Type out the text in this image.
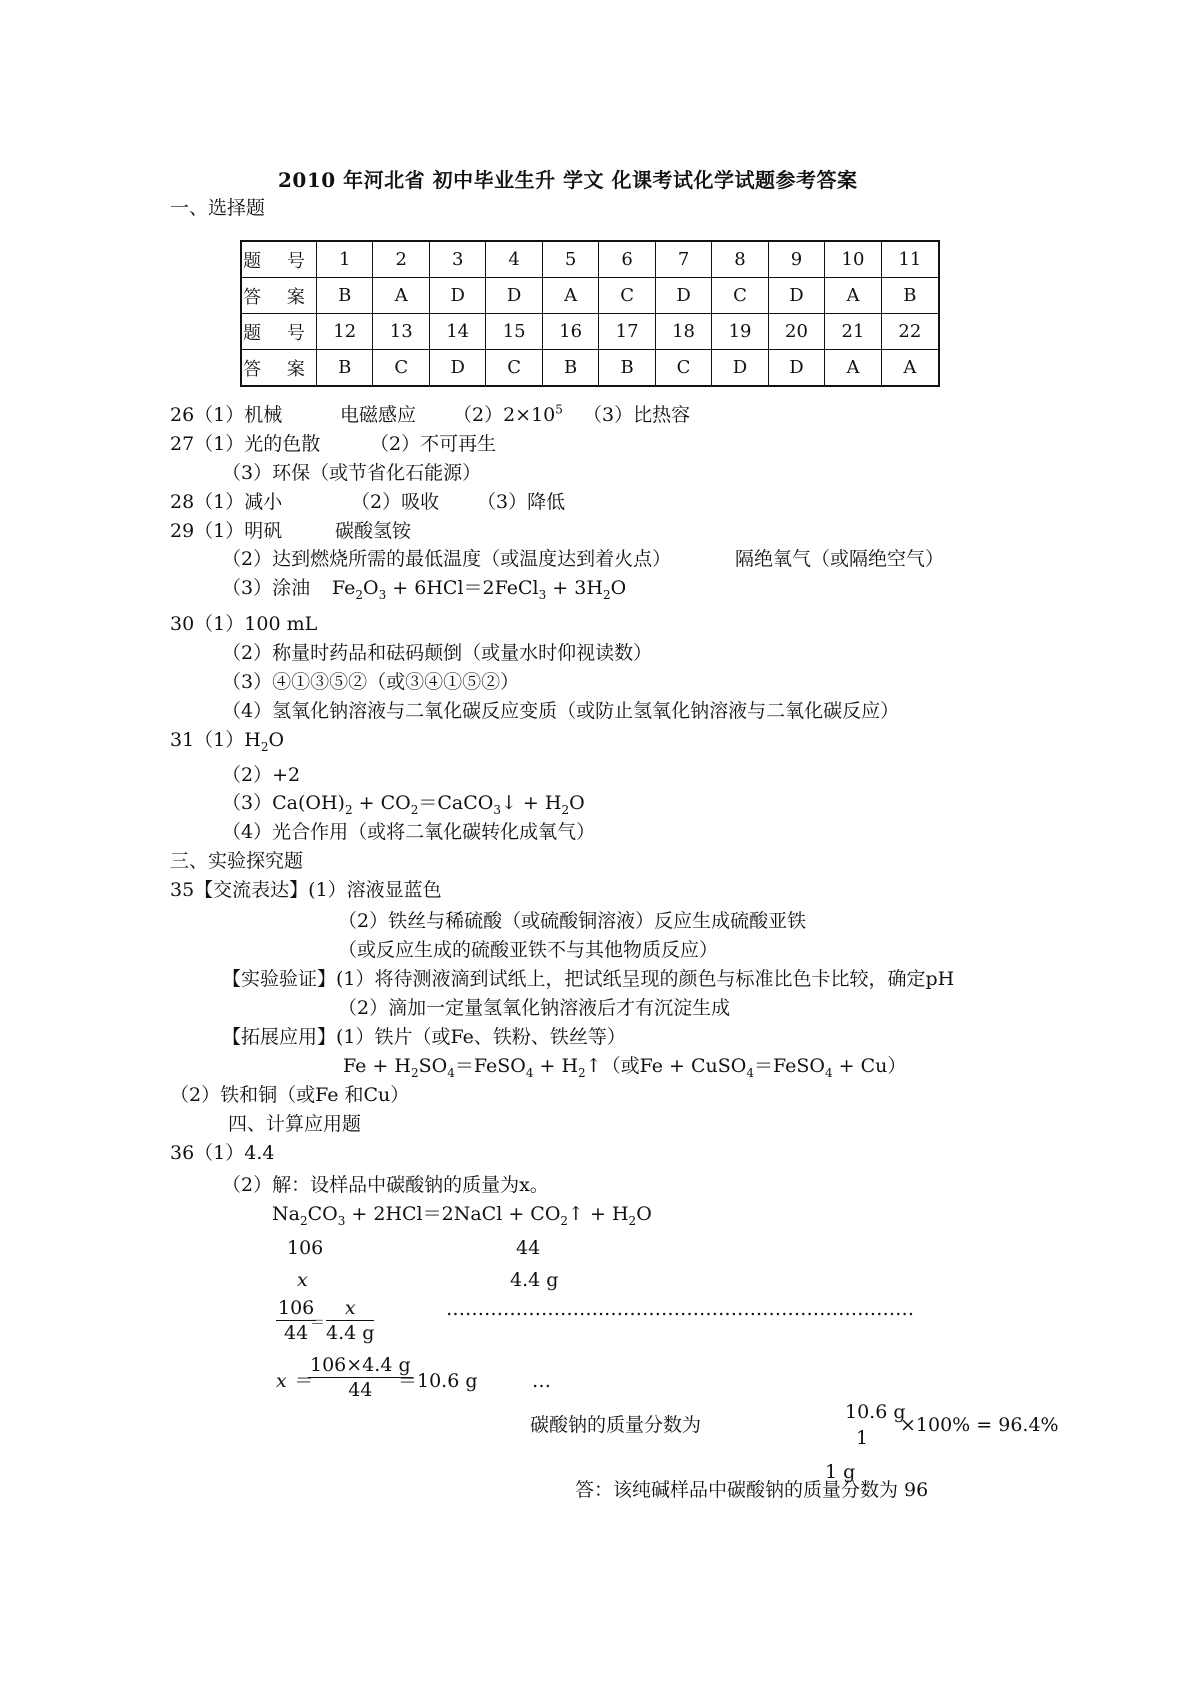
2010 年河北省 初中毕业生升 学文 化课考试化学试题参考答案
一、选择题
题 号	1	2	3	4	5	6	7	8	9	10	11
答 案	B	A	D	D	A	C	D	C	D	A	B
题 号	12	13	14	15	16	17	18	19	20	21	22
答 案	B	C	D	C	B	B	C	D	D	A	A
26（1）机械	电磁感应 $(2)2\times 10^5$ （3）比热容
27（1）光的色散	（2）不可再生
（3）环保（或节省化石能源）
28（1）减小	（2）吸收 （3）降低
29（1）明矾	碳酸氢铵
（2）达到燃烧所需的最低温度（或温度达到着火点）	隔绝氧气（或隔绝空气）
（3）涂油 $Fe_2O_3$ + 6HCl＝2FeCl$_3$ + $3H_2O$
30（1）100 mL
（2）称量时药品和砝码颠倒（或量水时仰视读数）
（3）④①③⑤②（或③④①⑤②）
（4）氢氧化钠溶液与二氧化碳反应变质（或防止氢氧化钠溶液与二氧化碳反应）
$31(1)H_2O$
（2）+2
$(3)Ca(OH)_2$ + $CO_2=CaCO_3↓ + H_2O$
（4）光合作用（或将二氧化碳转化成氧气）
三、实验探究题
35【交流表达】(1）溶液显蓝色
（2）铁丝与稀硫酸（或硫酸铜溶液）反应生成硫酸亚铁
（或反应生成的硫酸亚铁不与其他物质反应）
【实验验证】(1）将待测液滴到试纸上，把试纸呈现的颜色与标准比色卡比较，确定pH
（2）滴加一定量氢氧化钠溶液后才有沉淀生成
【拓展应用】(1）铁片（或Fe、铁粉、铁丝等）
$Fe + H_2SO_4=FeSO_4$ + $H_2↑$（或Fe + CuSO$_4$＝FeSO$_4$ + Cu）
（2）铁和铜（或Fe 和Cu）
四、计算应用题
36（1）4.4
（2）解：设样品中碳酸钠的质量为x。
$Na_2CO_3$ + 2HCl＝2NaCl + $CO_2↑ + H_2O$
106	44
x	4.4 g
$\frac{106}{44}$
＝ $\frac{x}{4.4 g}$	…………………….…………………….……………………
x ＝
$\frac{106\times 4.4 g}{44}$
＝10.6 g	…
碳酸钠的质量分数为
10.6 g
1
1 g
×100% = 96.4%
答：该纯碱样品中碳酸钠的质量分数为 96
